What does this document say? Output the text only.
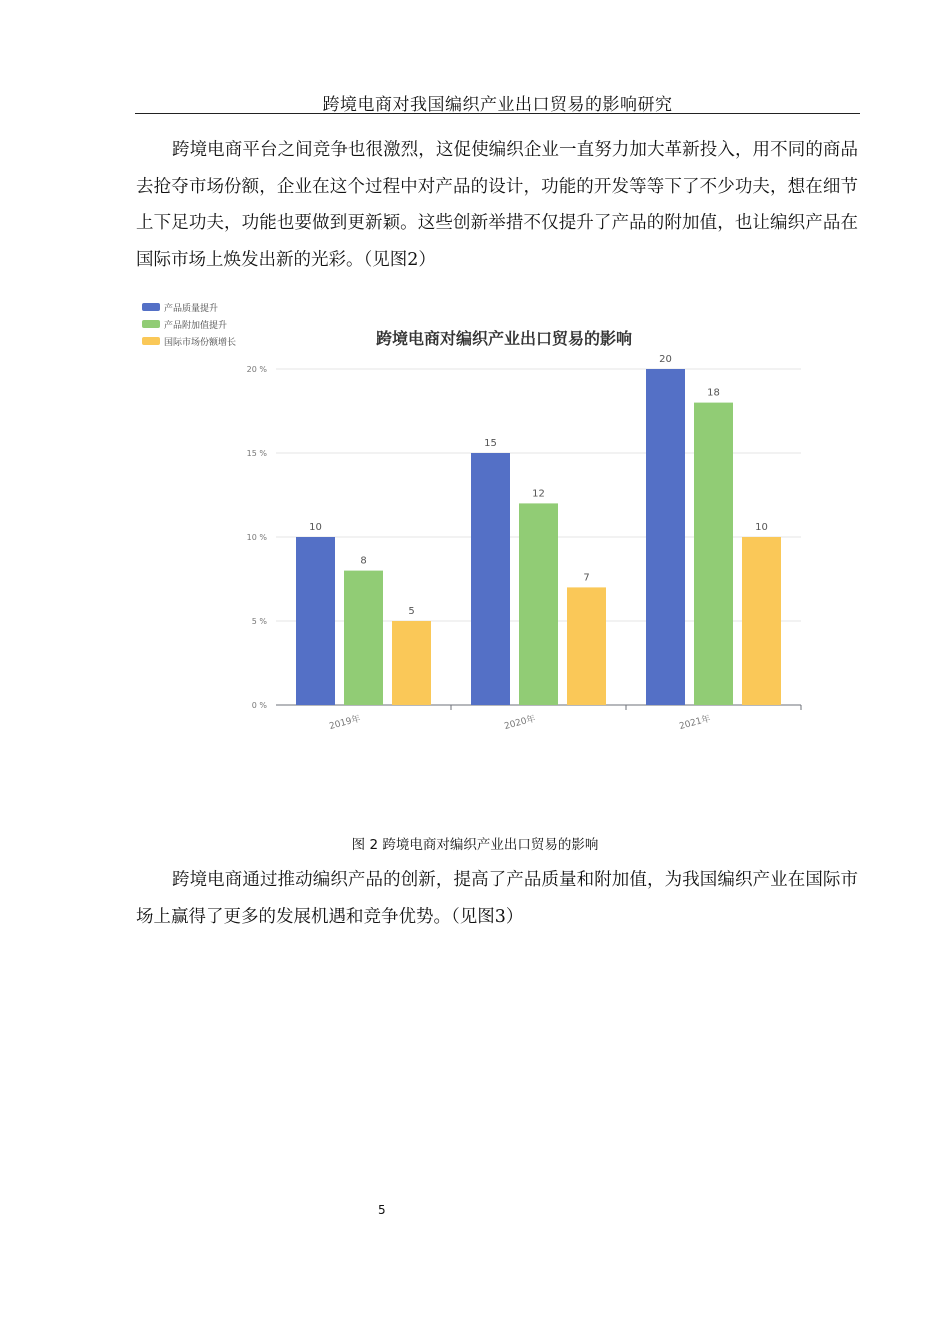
跨境电商对我国编织产业出口贸易的影响研究

跨境电商平台之间竞争也很激烈，这促使编织企业一直努力加大革新投入，用不同的商品去抢夺市场份额，企业在这个过程中对产品的设计，功能的开发等等下了不少功夫，想在细节上下足功夫，功能也要做到更新颖。这些创新举措不仅提升了产品的附加值，也让编织产品在国际市场上焕发出新的光彩。（见图2）

产品质量提升
产品附加值提升
国际市场份额增长	跨境电商对编织产业出口贸易的影响
0 %
5 %
10 %
15 %
20 %
10
8
5
2019年
15
12
7
2020年
20
18
10
2021年
图 2 跨境电商对编织产业出口贸易的影响

跨境电商通过推动编织产品的创新，提高了产品质量和附加值，为我国编织产业在国际市场上赢得了更多的发展机遇和竞争优势。（见图3）

5
